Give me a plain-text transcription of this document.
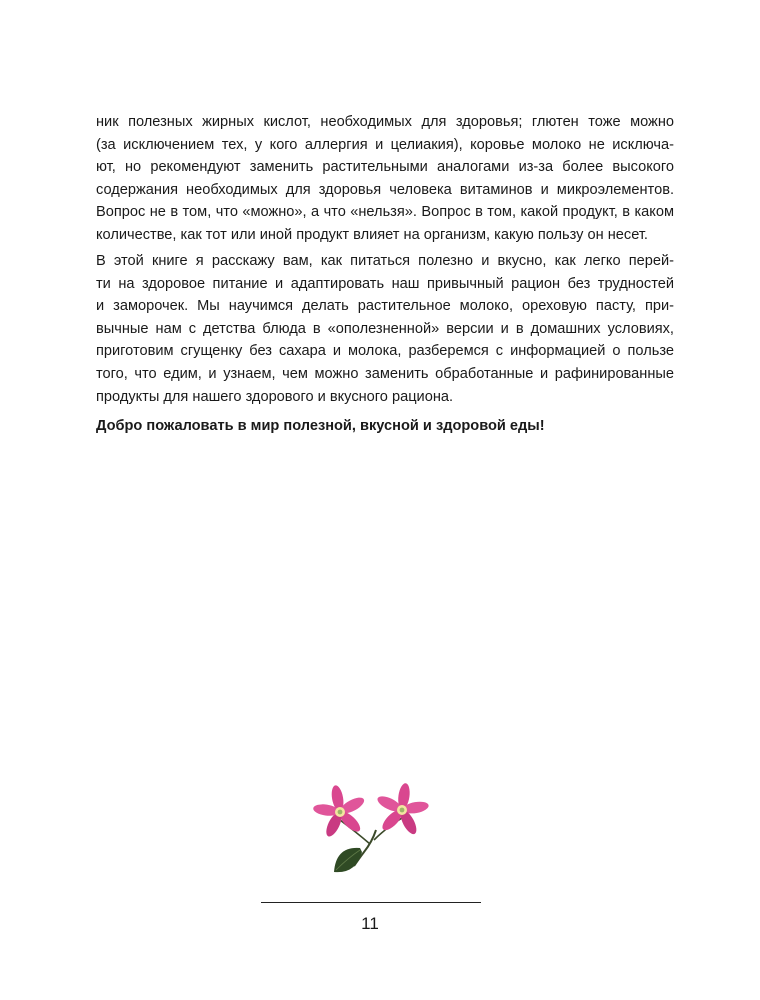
ник полезных жирных кислот, необходимых для здоровья; глютен тоже можно
(за исключением тех, у кого аллергия и целиакия), коровье молоко не исключа-
ют, но рекомендуют заменить растительными аналогами из-за более высокого
содержания необходимых для здоровья человека витаминов и микроэлементов.
Вопрос не в том, что «можно», а что «нельзя». Вопрос в том, какой продукт, в каком
количестве, как тот или иной продукт влияет на организм, какую пользу он несет.

В этой книге я расскажу вам, как питаться полезно и вкусно, как легко перей-
ти на здоровое питание и адаптировать наш привычный рацион без трудностей
и заморочек. Мы научимся делать растительное молоко, ореховую пасту, при-
вычные нам с детства блюда в «ополезненной» версии и в домашних условиях,
приготовим сгущенку без сахара и молока, разберемся с информацией о пользе
того, что едим, и узнаем, чем можно заменить обработанные и рафинированные
продукты для нашего здорового и вкусного рациона.

Добро пожаловать в мир полезной, вкусной и здоровой еды!

11
